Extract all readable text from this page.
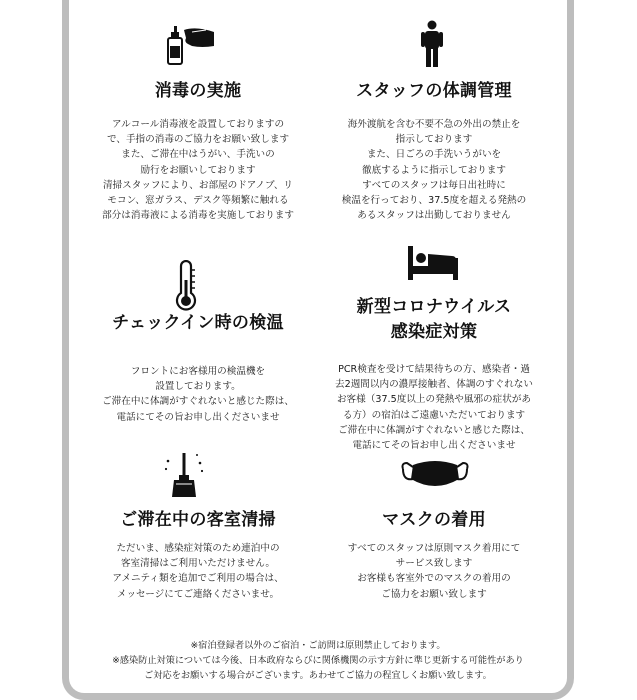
消毒の実施
アルコール消毒液を設置しておりますの
で、手指の消毒のご協力をお願い致します
また、ご滞在中はうがい、手洗いの
励行をお願いしております
清掃スタッフにより、お部屋のドアノブ、リ
モコン、窓ガラス、デスク等頻繁に触れる
部分は消毒液による消毒を実施しております
スタッフの体調管理
海外渡航を含む不要不急の外出の禁止を
指示しております
また、日ごろの手洗いうがいを
徹底するように指示しております
すべてのスタッフは毎日出社時に
検温を行っており、37.5度を超える発熱の
あるスタッフは出勤しておりません
チェックイン時の検温
フロントにお客様用の検温機を
設置しております。
ご滞在中に体調がすぐれないと感じた際は、
電話にてその旨お申し出くださいませ
新型コロナウイルス
感染症対策
PCR検査を受けて結果待ちの方、感染者・過
去2週間以内の濃厚接触者、体調のすぐれない
お客様（37.5度以上の発熱や風邪の症状があ
る方）の宿泊はご遠慮いただいております
ご滞在中に体調がすぐれないと感じた際は、
電話にてその旨お申し出くださいませ
ご滞在中の客室清掃
ただいま、感染症対策のため連泊中の
客室清掃はご利用いただけません。
アメニティ類を追加でご利用の場合は、
メッセージにてご連絡くださいませ。
マスクの着用
すべてのスタッフは原則マスク着用にて
サービス致します
お客様も客室外でのマスクの着用の
ご協力をお願い致します
※宿泊登録者以外のご宿泊・ご訪問は原則禁止しております。
※感染防止対策については今後、日本政府ならびに関係機関の示す方針に準じ更新する可能性があり
ご対応をお願いする場合がございます。あわせてご協力の程宜しくお願い致します。
